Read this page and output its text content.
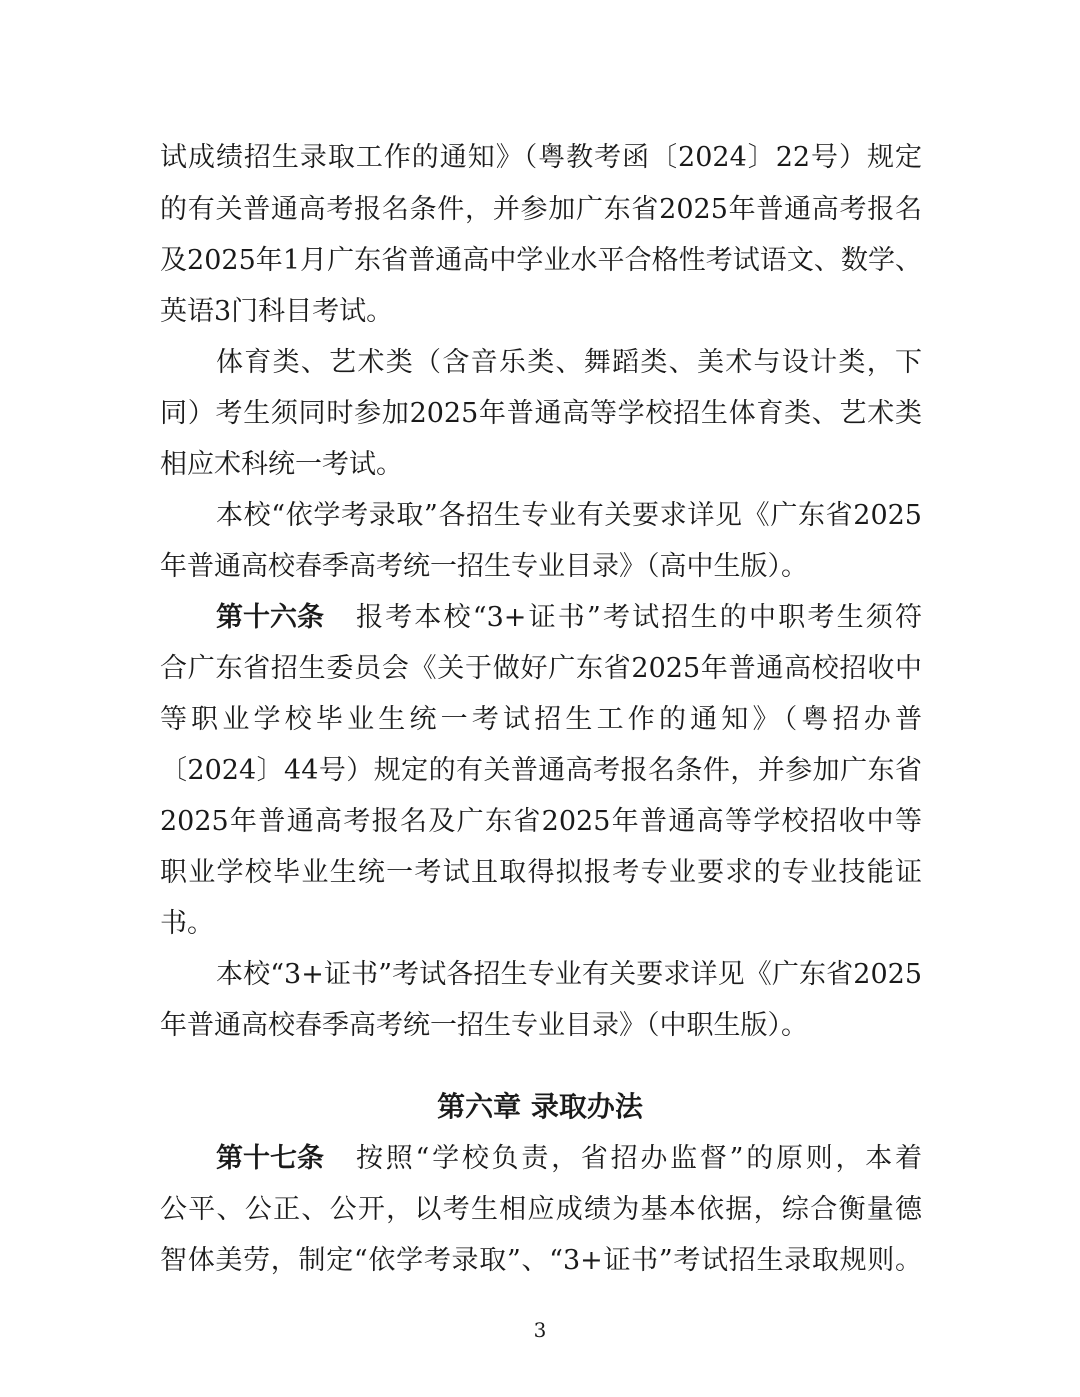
试成绩招生录取工作的通知》（粤教考函〔2024〕22号）规定
的有关普通高考报名条件，并参加广东省2025年普通高考报名
及2025年1月广东省普通高中学业水平合格性考试语文、数学、
英语3门科目考试。
体育类、艺术类（含音乐类、舞蹈类、美术与设计类，下
同）考生须同时参加2025年普通高等学校招生体育类、艺术类
相应术科统一考试。
本校“依学考录取”各招生专业有关要求详见《广东省2025
年普通高校春季高考统一招生专业目录》（高中生版）。
第十六条	报考本校“3+证书”考试招生的中职考生须符
合广东省招生委员会《关于做好广东省2025年普通高校招收中
等职业学校毕业生统一考试招生工作的通知》（粤招办普
〔2024〕44号）规定的有关普通高考报名条件，并参加广东省
2025年普通高考报名及广东省2025年普通高等学校招收中等
职业学校毕业生统一考试且取得拟报考专业要求的专业技能证
书。
本校“3+证书”考试各招生专业有关要求详见《广东省2025
年普通高校春季高考统一招生专业目录》（中职生版）。
第六章 录取办法
第十七条	按照“学校负责，省招办监督”的原则，本着
公平、公正、公开，以考生相应成绩为基本依据，综合衡量德
智体美劳，制定“依学考录取”、“3+证书”考试招生录取规则。
3
